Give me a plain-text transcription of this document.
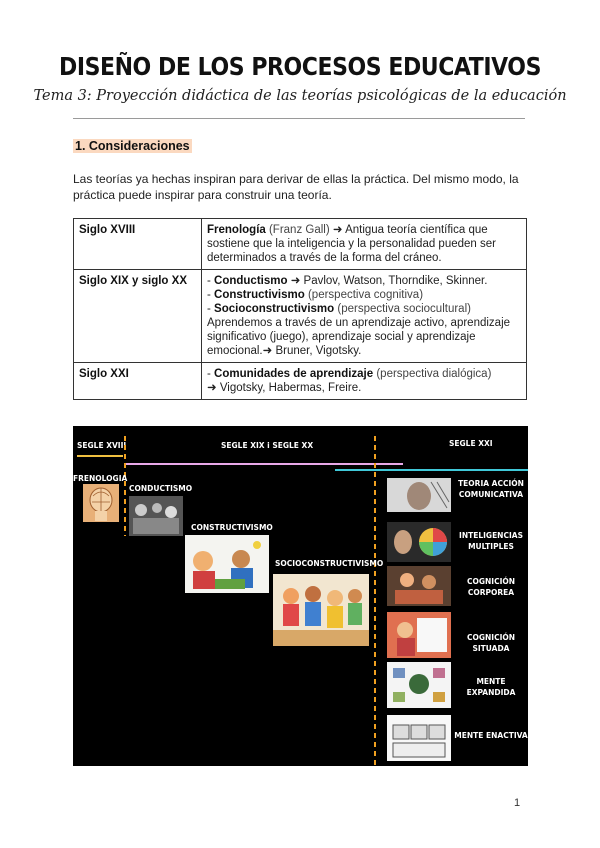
DISEÑO DE LOS PROCESOS EDUCATIVOS
Tema 3: Proyección didáctica de las teorías psicológicas de la educación
1. Consideraciones
Las teorías ya hechas inspiran para derivar de ellas la práctica. Del mismo modo, la práctica puede inspirar para construir una teoría.
Siglo XVIII	Frenología (Franz Gall) ➜ Antigua teoría científica que sostiene que la inteligencia y la personalidad pueden ser determinados a través de la forma del cráneo.
Siglo XIX y siglo XX	- Conductismo ➜ Pavlov, Watson, Thorndike, Skinner.
- Constructivismo (perspectiva cognitiva)
- Socioconstructivismo (perspectiva sociocultural)
Aprendemos a través de un aprendizaje activo, aprendizaje significativo (juego), aprendizaje social y aprendizaje emocional.➜ Bruner, Vigotsky.

Siglo XXI	- Comunidades de aprendizaje (perspectiva dialógica)
➜ Vigotsky, Habermas, Freire.
SEGLE XVIII	SEGLE XIX i SEGLE XX	SEGLE XXI
FRENOLOGIA
CONDUCTISMO
CONSTRUCTIVISMO
SOCIOCONSTRUCTIVISMO
TEORIA ACCIÓN COMUNICATIVA
INTELIGENCIAS MULTIPLES
COGNICIÓN CORPOREA
COGNICIÓN SITUADA
MENTE EXPANDIDA
MENTE ENACTIVA
1
